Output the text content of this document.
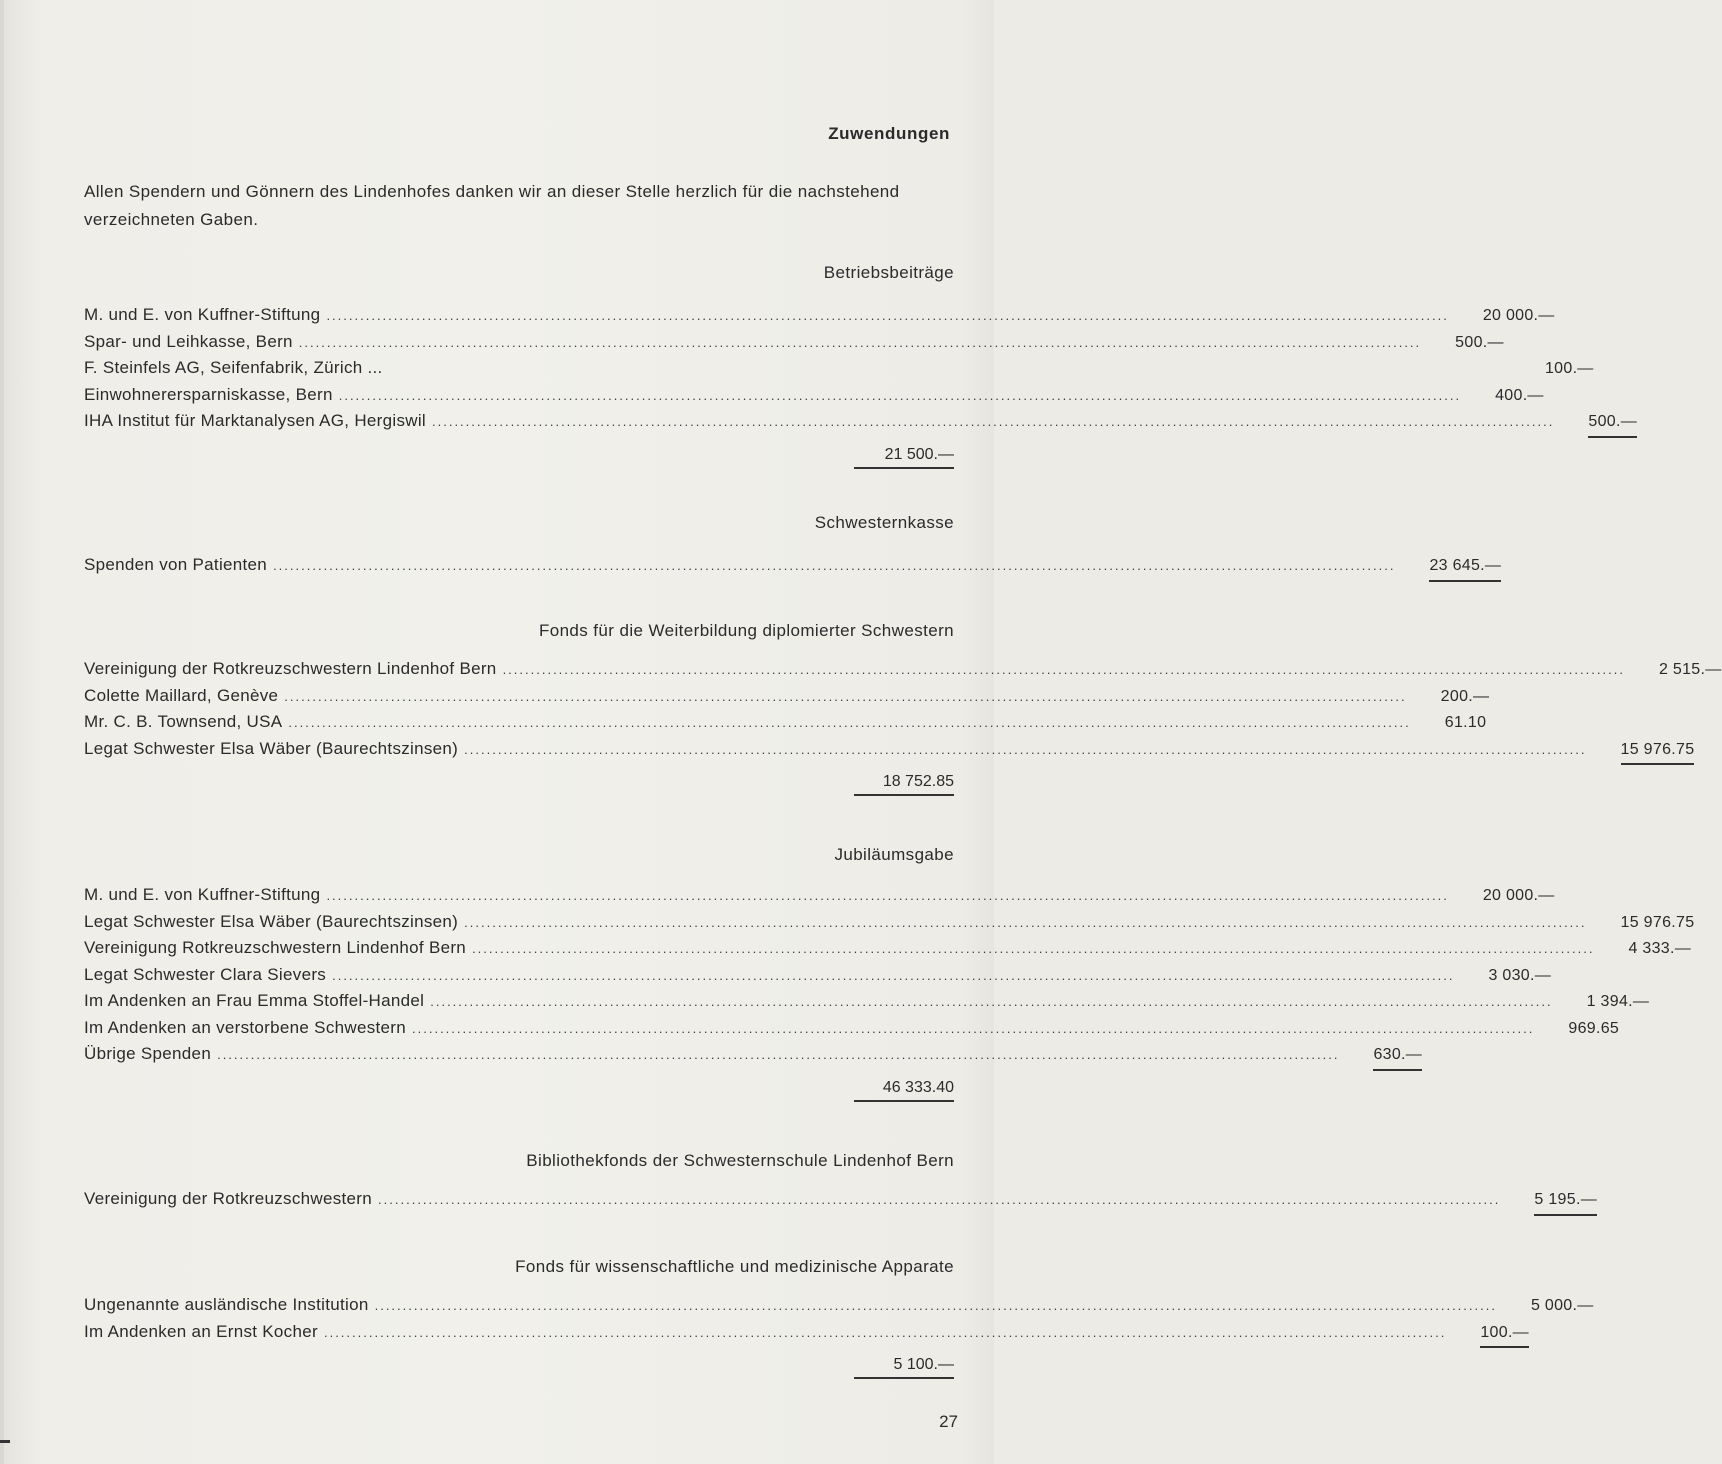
Zuwendungen
Allen Spendern und Gönnern des Lindenhofes danken wir an dieser Stelle herzlich für die nachstehend verzeichneten Gaben.
Betriebsbeiträge
M. und E. von Kuffner-Stiftung ........................................................................................................................................................................................................ 20 000.—
Spar- und Leihkasse, Bern ........................................................................................................................................................................................................ 500.—
F. Steinfels AG, Seifenfabrik, Zürich ...	100.—
Einwohnerersparniskasse, Bern ........................................................................................................................................................................................................ 400.—
IHA Institut für Marktanalysen AG, Hergiswil ........................................................................................................................................................................................................ 500.—
21 500.—
Schwesternkasse
Spenden von Patienten ........................................................................................................................................................................................................ 23 645.—
Fonds für die Weiterbildung diplomierter Schwestern
Vereinigung der Rotkreuzschwestern Lindenhof Bern ........................................................................................................................................................................................................ 2 515.—
Colette Maillard, Genève ........................................................................................................................................................................................................ 200.—
Mr. C. B. Townsend, USA ........................................................................................................................................................................................................ 61.10
Legat Schwester Elsa Wäber (Baurechtszinsen) ........................................................................................................................................................................................................ 15 976.75
18 752.85
Jubiläumsgabe
M. und E. von Kuffner-Stiftung ........................................................................................................................................................................................................ 20 000.—
Legat Schwester Elsa Wäber (Baurechtszinsen) ........................................................................................................................................................................................................ 15 976.75
Vereinigung Rotkreuzschwestern Lindenhof Bern ........................................................................................................................................................................................................ 4 333.—
Legat Schwester Clara Sievers ........................................................................................................................................................................................................ 3 030.—
Im Andenken an Frau Emma Stoffel-Handel ........................................................................................................................................................................................................ 1 394.—
Im Andenken an verstorbene Schwestern ........................................................................................................................................................................................................ 969.65
Übrige Spenden ........................................................................................................................................................................................................ 630.—
46 333.40
Bibliothekfonds der Schwesternschule Lindenhof Bern
Vereinigung der Rotkreuzschwestern ........................................................................................................................................................................................................ 5 195.—
Fonds für wissenschaftliche und medizinische Apparate
Ungenannte ausländische Institution ........................................................................................................................................................................................................ 5 000.—
Im Andenken an Ernst Kocher ........................................................................................................................................................................................................ 100.—
5 100.—
27
